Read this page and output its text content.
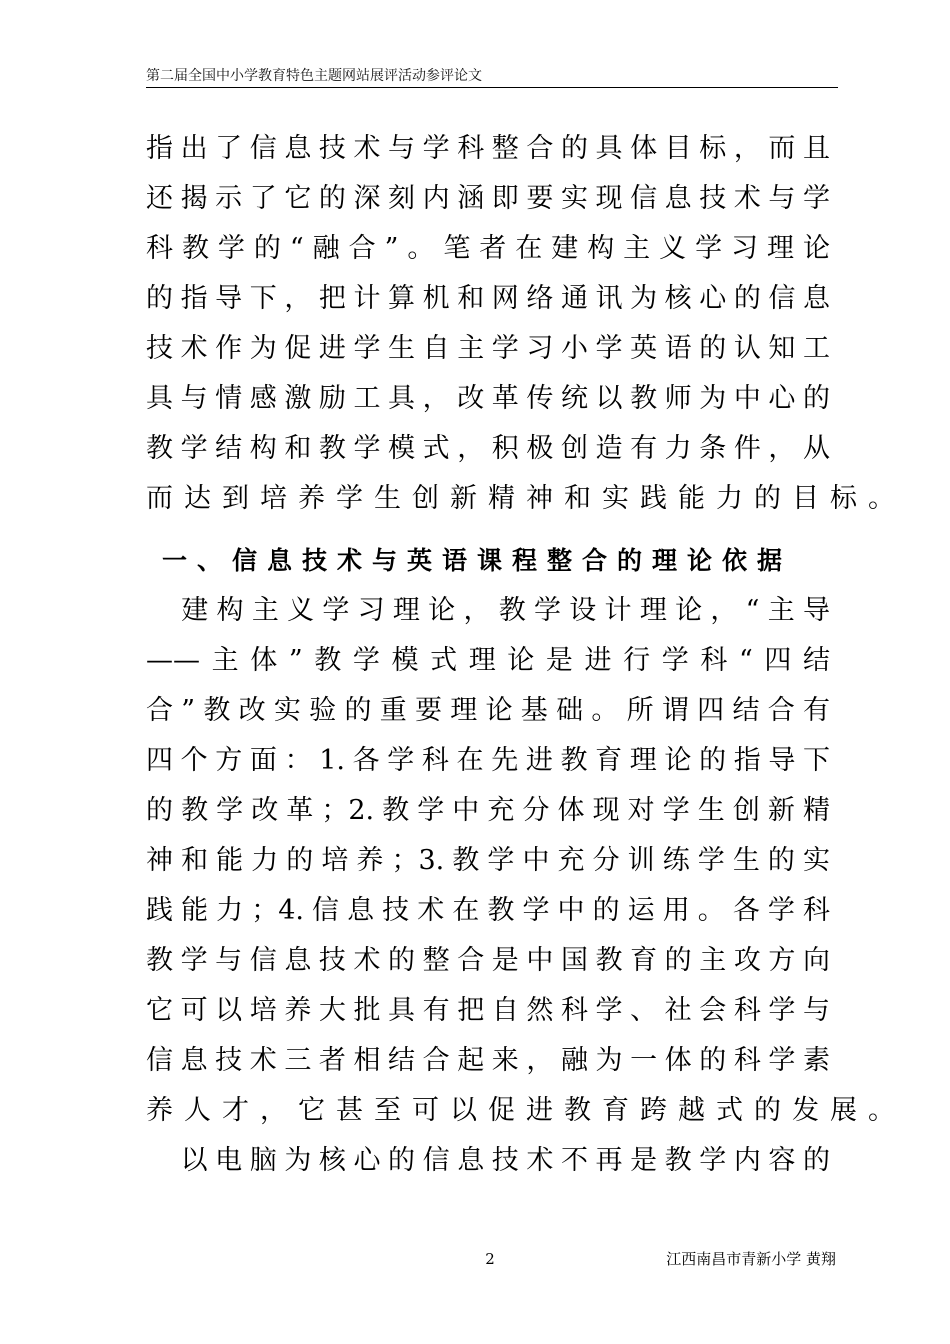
第二届全国中小学教育特色主题网站展评活动参评论文
指出了信息技术与学科整合的具体目标，而且
还揭示了它的深刻内涵即要实现信息技术与学
科教学的“融合”。笔者在建构主义学习理论
的指导下，把计算机和网络通讯为核心的信息
技术作为促进学生自主学习小学英语的认知工
具与情感激励工具，改革传统以教师为中心的
教学结构和教学模式，积极创造有力条件，从
而达到培养学生创新精神和实践能力的目标。
一、信息技术与英语课程整合的理论依据
　建构主义学习理论，教学设计理论，“主导
——主体”教学模式理论是进行学科“四结
合”教改实验的重要理论基础。所谓四结合有
四个方面：1.各学科在先进教育理论的指导下
的教学改革；2.教学中充分体现对学生创新精
神和能力的培养；3.教学中充分训练学生的实
践能力；4.信息技术在教学中的运用。各学科
教学与信息技术的整合是中国教育的主攻方向
它可以培养大批具有把自然科学、社会科学与
信息技术三者相结合起来，融为一体的科学素
养人才，它甚至可以促进教育跨越式的发展。
　以电脑为核心的信息技术不再是教学内容的
2	江西南昌市青新小学 黄翔
